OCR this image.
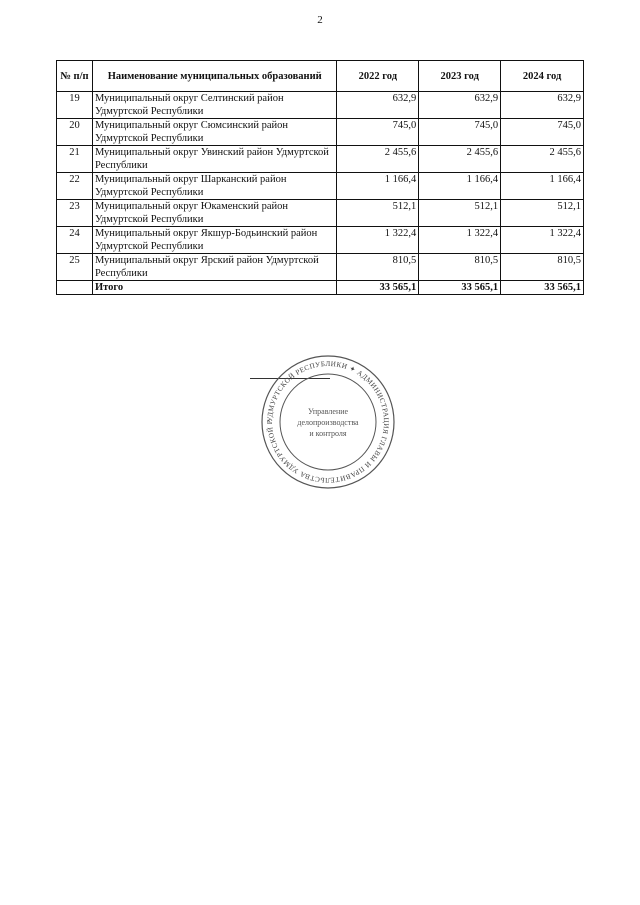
2
№ п/п	Наименование муниципальных образований	2022 год	2023 год	2024 год
19	Муниципальный округ Селтинский район Удмуртской Республики	632,9	632,9	632,9
20	Муниципальный округ Сюмсинский район Удмуртской Республики	745,0	745,0	745,0
21	Муниципальный округ Увинский район Удмуртской Республики	2 455,6	2 455,6	2 455,6
22	Муниципальный округ Шарканский район Удмуртской Республики	1 166,4	1 166,4	1 166,4
23	Муниципальный округ Юкаменский район Удмуртской Республики	512,1	512,1	512,1
24	Муниципальный округ Якшур-Бодьинский район Удмуртской Республики	1 322,4	1 322,4	1 322,4
25	Муниципальный округ Ярский район Удмуртской Республики	810,5	810,5	810,5
	Итого	33 565,1	33 565,1	33 565,1
УДМУРТСКОЙ РЕСПУБЛИКИ ✦ АДМИНИСТРАЦИЯ ГЛАВЫ И ПРАВИТЕЛЬСТВА УДМУРТСКОЙ Р
Управление
делопроизводства
и контроля
